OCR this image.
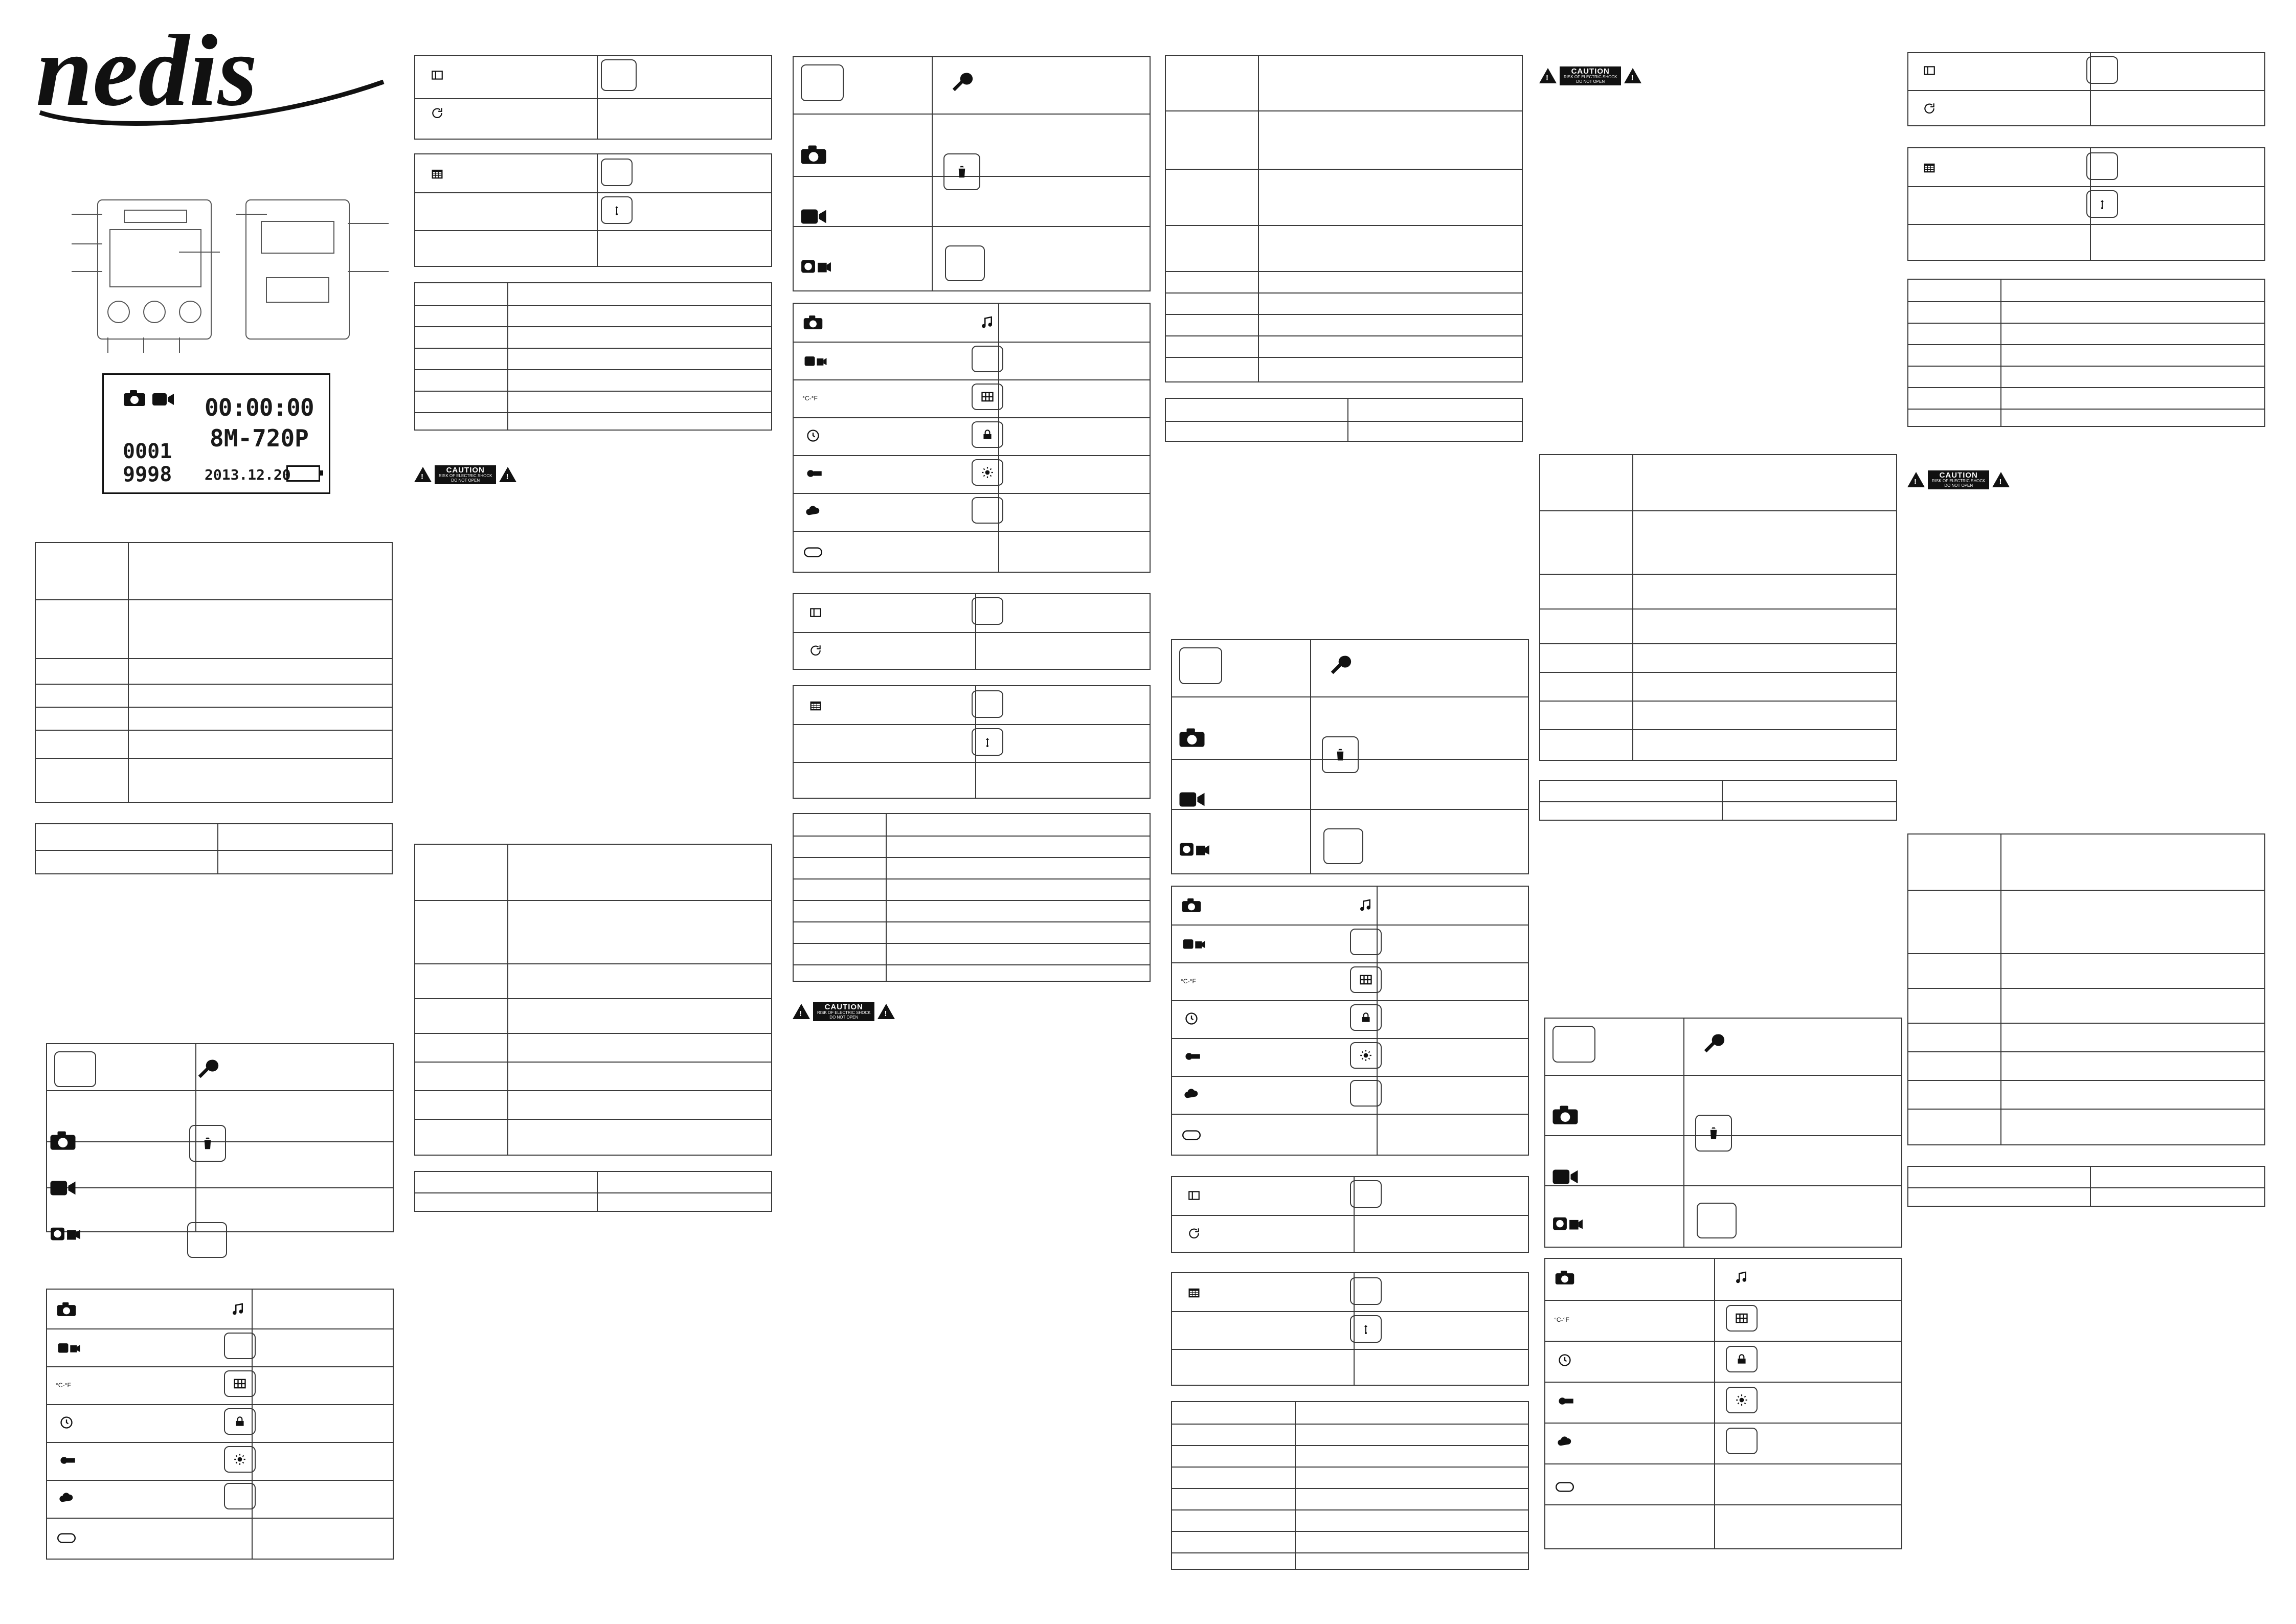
nedis
00:00:00
8M-720P
0001
9998 2013.12.20
°C-°F
!
CAUTION
RISK OF ELECTRIC SHOCK
DO NOT OPEN
!
°C-°F
!
CAUTION
RISK OF ELECTRIC SHOCK
DO NOT OPEN
!
°C-°F
!
CAUTION
RISK OF ELECTRIC SHOCK
DO NOT OPEN
!
°C-°F
!
CAUTION
RISK OF ELECTRIC SHOCK
DO NOT OPEN
!
